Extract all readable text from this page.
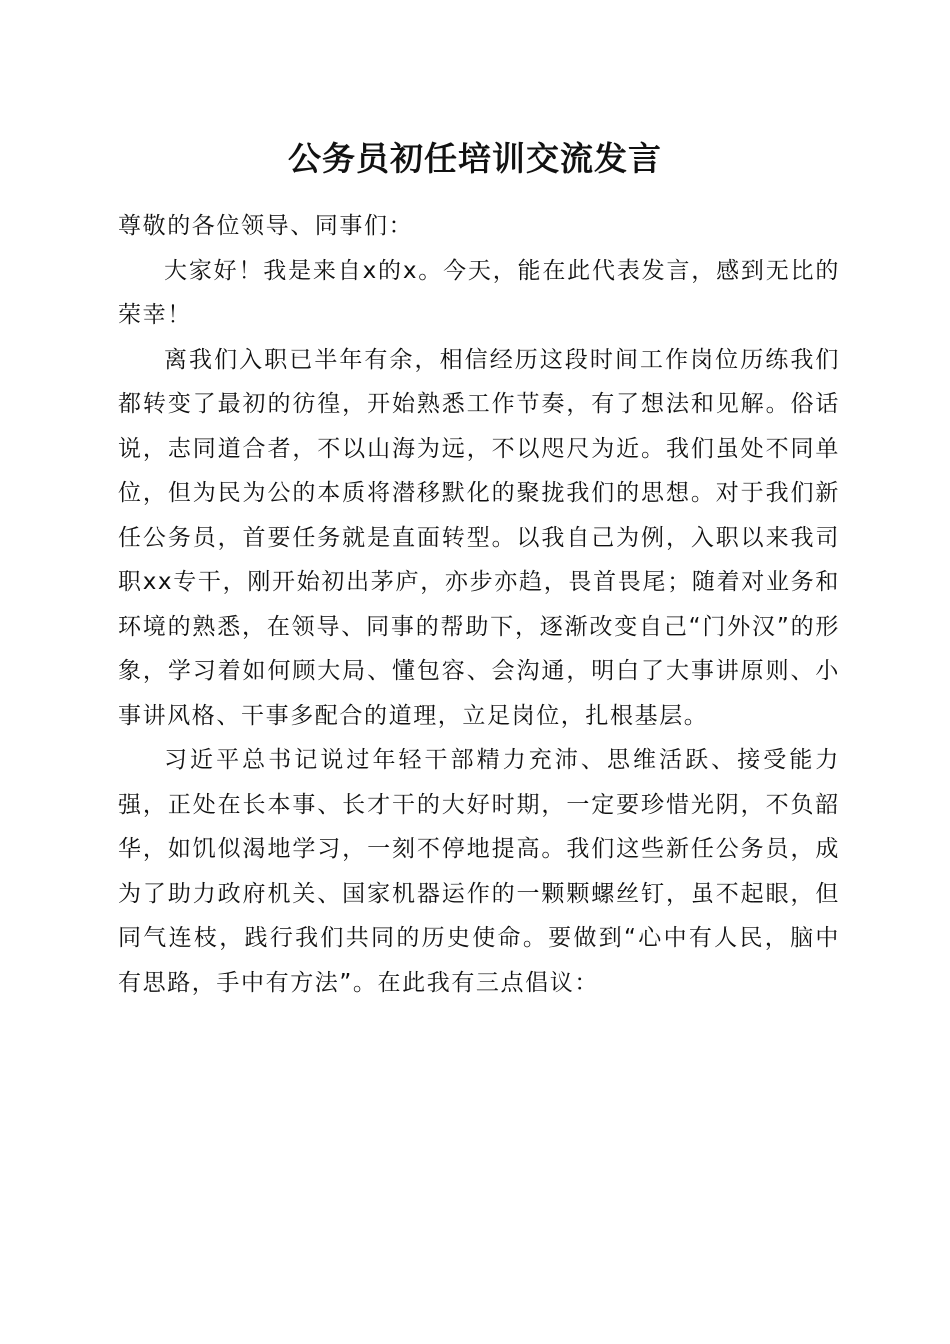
公务员初任培训交流发言

尊敬的各位领导、同事们：

大家好！我是来自x的x。今天，能在此代表发言，感到无比的荣幸！

离我们入职已半年有余，相信经历这段时间工作岗位历练我们都转变了最初的彷徨，开始熟悉工作节奏，有了想法和见解。俗话说，志同道合者，不以山海为远，不以咫尺为近。我们虽处不同单位，但为民为公的本质将潜移默化的聚拢我们的思想。对于我们新任公务员，首要任务就是直面转型。以我自己为例，入职以来我司职xx专干，刚开始初出茅庐，亦步亦趋，畏首畏尾；随着对业务和环境的熟悉，在领导、同事的帮助下，逐渐改变自己“门外汉”的形象，学习着如何顾大局、懂包容、会沟通，明白了大事讲原则、小事讲风格、干事多配合的道理，立足岗位，扎根基层。

习近平总书记说过年轻干部精力充沛、思维活跃、接受能力强，正处在长本事、长才干的大好时期，一定要珍惜光阴，不负韶华，如饥似渴地学习，一刻不停地提高。我们这些新任公务员，成为了助力政府机关、国家机器运作的一颗颗螺丝钉，虽不起眼，但同气连枝，践行我们共同的历史使命。要做到“心中有人民，脑中有思路，手中有方法”。在此我有三点倡议：
